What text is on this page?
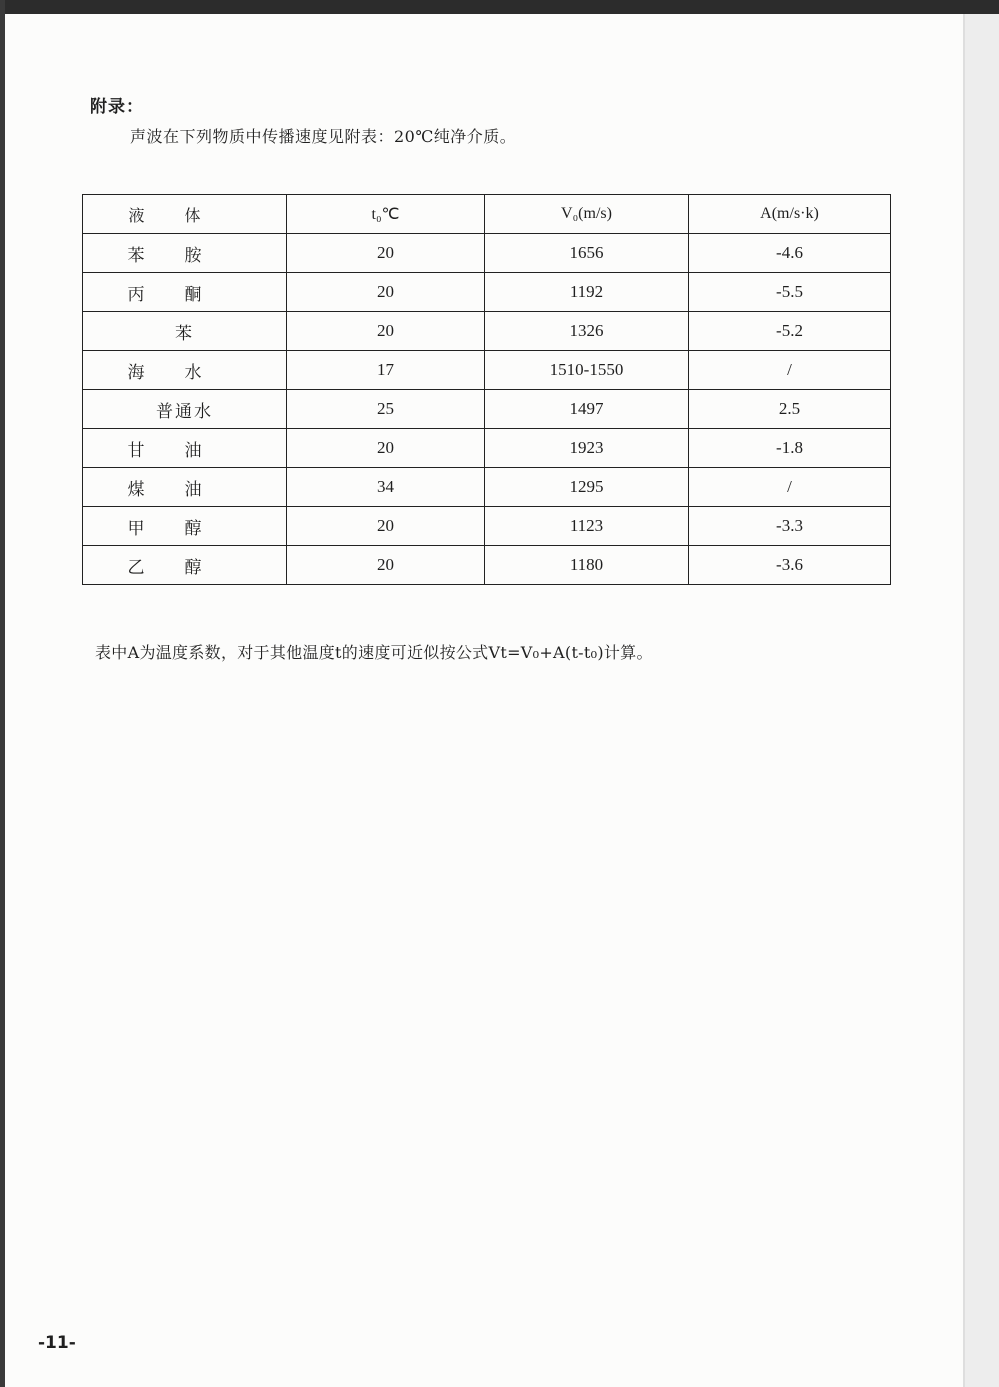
附录：
声波在下列物质中传播速度见附表：20℃纯净介质。
液体	t₀℃	V₀(m/s)	A(m/s·k)
苯胺	20	1656	-4.6
丙酮	20	1192	-5.5
苯	20	1326	-5.2
海水	17	1510-1550	/
普通水	25	1497	2.5
甘油	20	1923	-1.8
煤油	34	1295	/
甲醇	20	1123	-3.3
乙醇	20	1180	-3.6
表中A为温度系数，对于其他温度t的速度可近似按公式Vt=V₀+A(t-t₀)计算。
-11-
